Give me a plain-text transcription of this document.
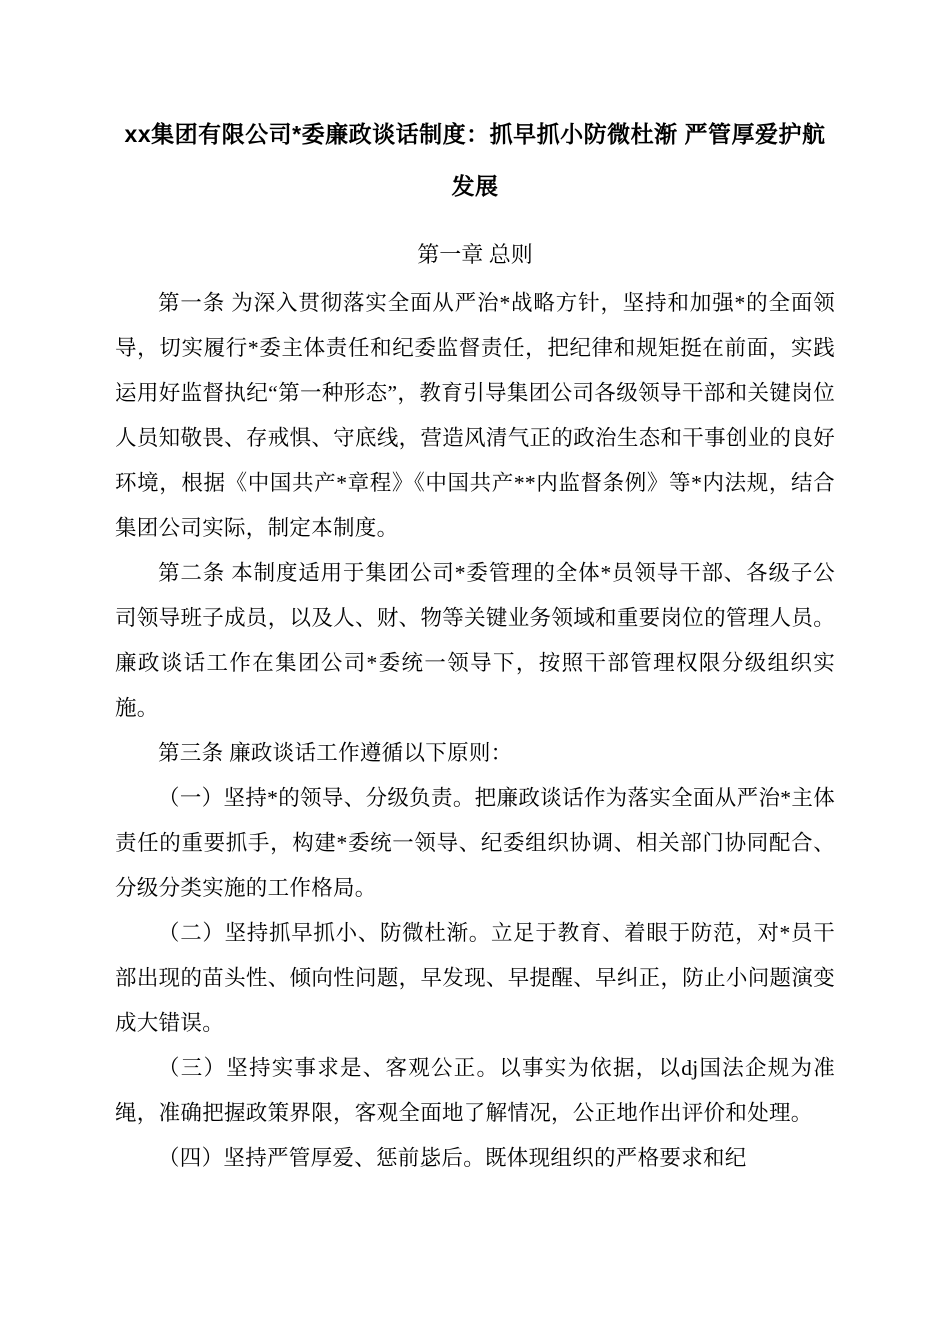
xx集团有限公司*委廉政谈话制度：抓早抓小防微杜渐 严管厚爱护航发展
第一章 总则

第一条 为深入贯彻落实全面从严治*战略方针，坚持和加强*的全面领导，切实履行*委主体责任和纪委监督责任，把纪律和规矩挺在前面，实践运用好监督执纪“第一种形态”，教育引导集团公司各级领导干部和关键岗位人员知敬畏、存戒惧、守底线，营造风清气正的政治生态和干事创业的良好环境，根据《中国共产*章程》《中国共产**内监督条例》等*内法规，结合集团公司实际，制定本制度。

第二条 本制度适用于集团公司*委管理的全体*员领导干部、各级子公司领导班子成员，以及人、财、物等关键业务领域和重要岗位的管理人员。廉政谈话工作在集团公司*委统一领导下，按照干部管理权限分级组织实施。

第三条 廉政谈话工作遵循以下原则：

（一）坚持*的领导、分级负责。把廉政谈话作为落实全面从严治*主体责任的重要抓手，构建*委统一领导、纪委组织协调、相关部门协同配合、分级分类实施的工作格局。

（二）坚持抓早抓小、防微杜渐。立足于教育、着眼于防范，对*员干部出现的苗头性、倾向性问题，早发现、早提醒、早纠正，防止小问题演变成大错误。

（三）坚持实事求是、客观公正。以事实为依据，以dj国法企规为准绳，准确把握政策界限，客观全面地了解情况，公正地作出评价和处理。

（四）坚持严管厚爱、惩前毖后。既体现组织的严格要求和纪
